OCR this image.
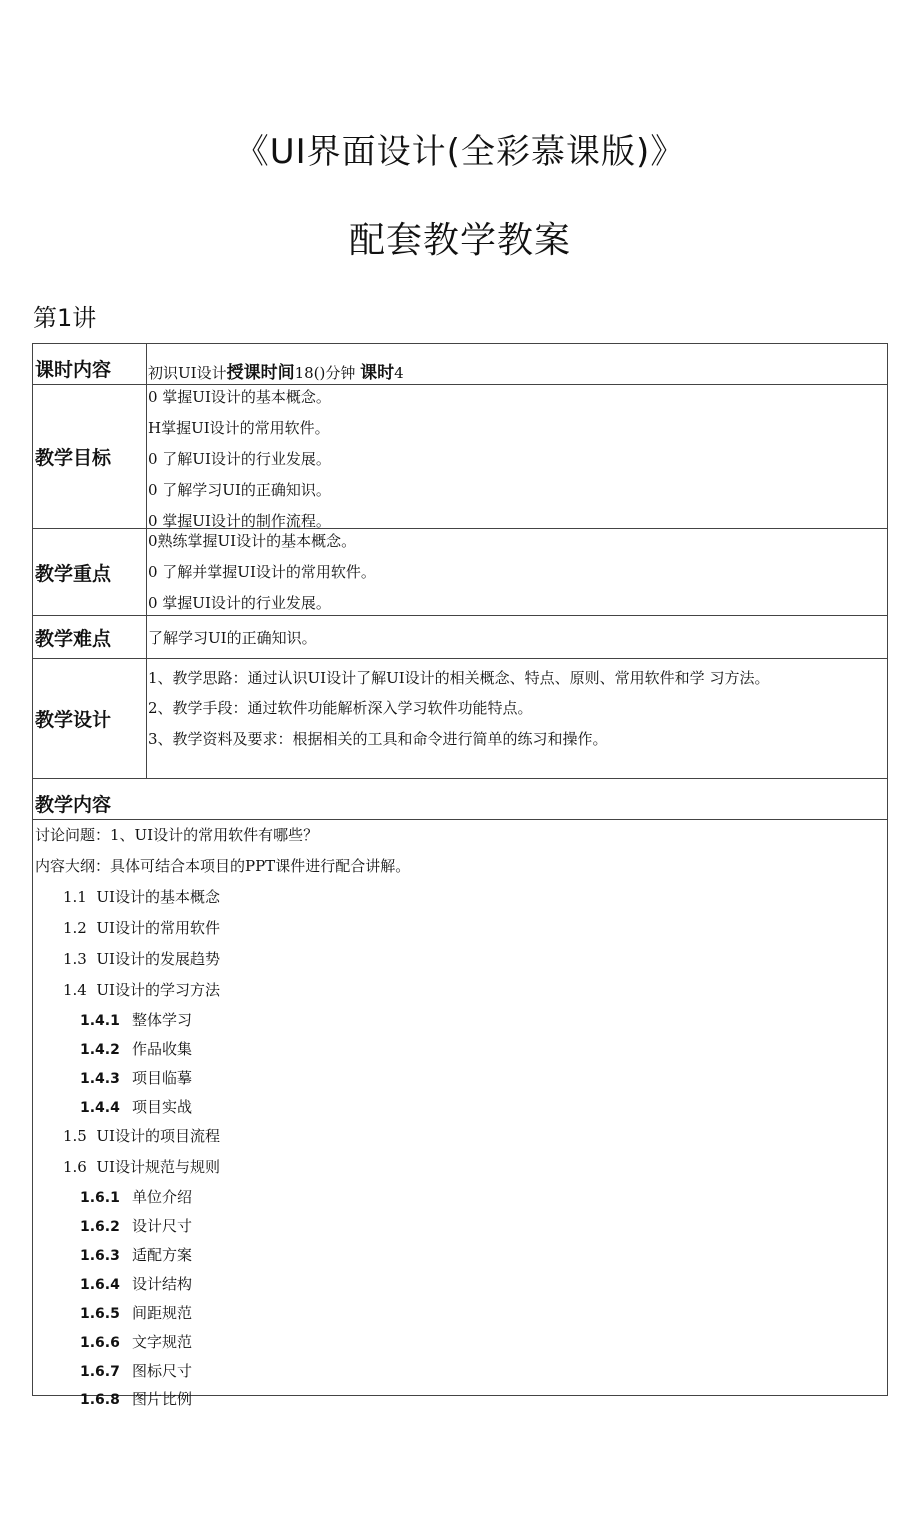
《UI界面设计(全彩慕课版)》
配套教学教案
第1讲
课时内容	初识UI设计授课时间18()分钟 课时4
教学目标
0 掌握UI设计的基本概念。
H掌握UI设计的常用软件。
0 了解UI设计的行业发展。
0 了解学习UI的正确知识。
0 掌握UI设计的制作流程。
教学重点
0熟练掌握UI设计的基本概念。
0 了解并掌握UI设计的常用软件。
0 掌握UI设计的行业发展。
教学难点	了解学习UI的正确知识。
教学设计
1、教学思路：通过认识UI设计了解UI设计的相关概念、特点、原则、常用软件和学 习方法。
2、教学手段：通过软件功能解析深入学习软件功能特点。
3、教学资料及要求：根据相关的工具和命令进行简单的练习和操作。
教学内容
讨论问题：1、UI设计的常用软件有哪些？
内容大纲：具体可结合本项目的PPT课件进行配合讲解。
1.1 UI设计的基本概念
1.2 UI设计的常用软件
1.3 UI设计的发展趋势
1.4 UI设计的学习方法
1.4.1 整体学习
1.4.2 作品收集
1.4.3 项目临摹
1.4.4 项目实战
1.5 UI设计的项目流程
1.6 UI设计规范与规则
1.6.1 单位介绍
1.6.2 设计尺寸
1.6.3 适配方案
1.6.4 设计结构
1.6.5 间距规范
1.6.6 文字规范
1.6.7 图标尺寸
1.6.8 图片比例
